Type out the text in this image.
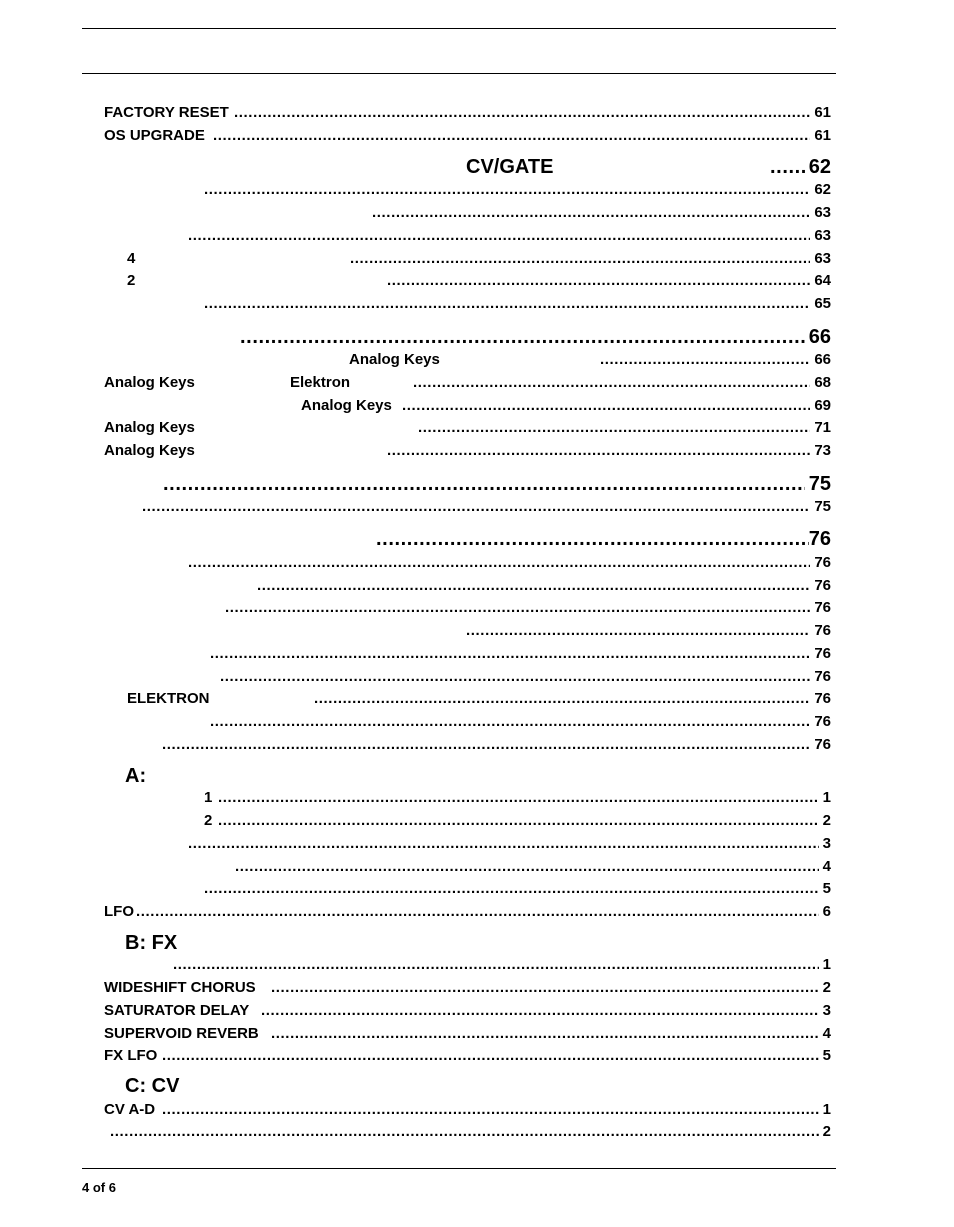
FACTORY RESET	61
.....
OS UPGRADE	61
.....
CV/GATE	62
.....
62
.....
63
.....
63
.....
4	63
.....
2	64
.....
65
.....
66
.....
Analog Keys	66
.....
Analog Keys	Elektron	68
.....
Analog Keys	69
.....
Analog Keys	71
.....
Analog Keys	73
.....
75
.....
75
.....
76
.....
76
.....
76
.....
76
.....
76
.....
76
.....
76
.....
ELEKTRON	76
.....
76
.....
76
.....
A:
1	1
.....
2	2
.....
3
.....
4
.....
5
.....
LFO	6
.....
B: FX
1
.....
WIDESHIFT CHORUS	2
.....
SATURATOR DELAY	3
.....
SUPERVOID REVERB	4
.....
FX LFO	5
.....
C: CV
CV A-D	1
.....
2
.....
4 of 6
